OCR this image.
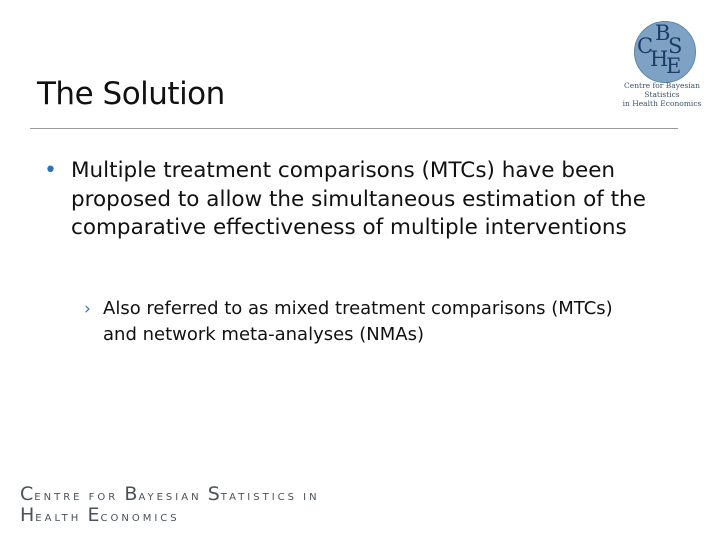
The Solution
C
B
H
S
E
Centre for Bayesian Statistics
in Health Economics
• Multiple treatment comparisons (MTCs) have been proposed to allow the simultaneous estimation of the comparative effectiveness of multiple interventions
› Also referred to as mixed treatment comparisons (MTCs) and network meta-analyses (NMAs)
CENTRE FOR BAYESIAN STATISTICS IN
HEALTH ECONOMICS
